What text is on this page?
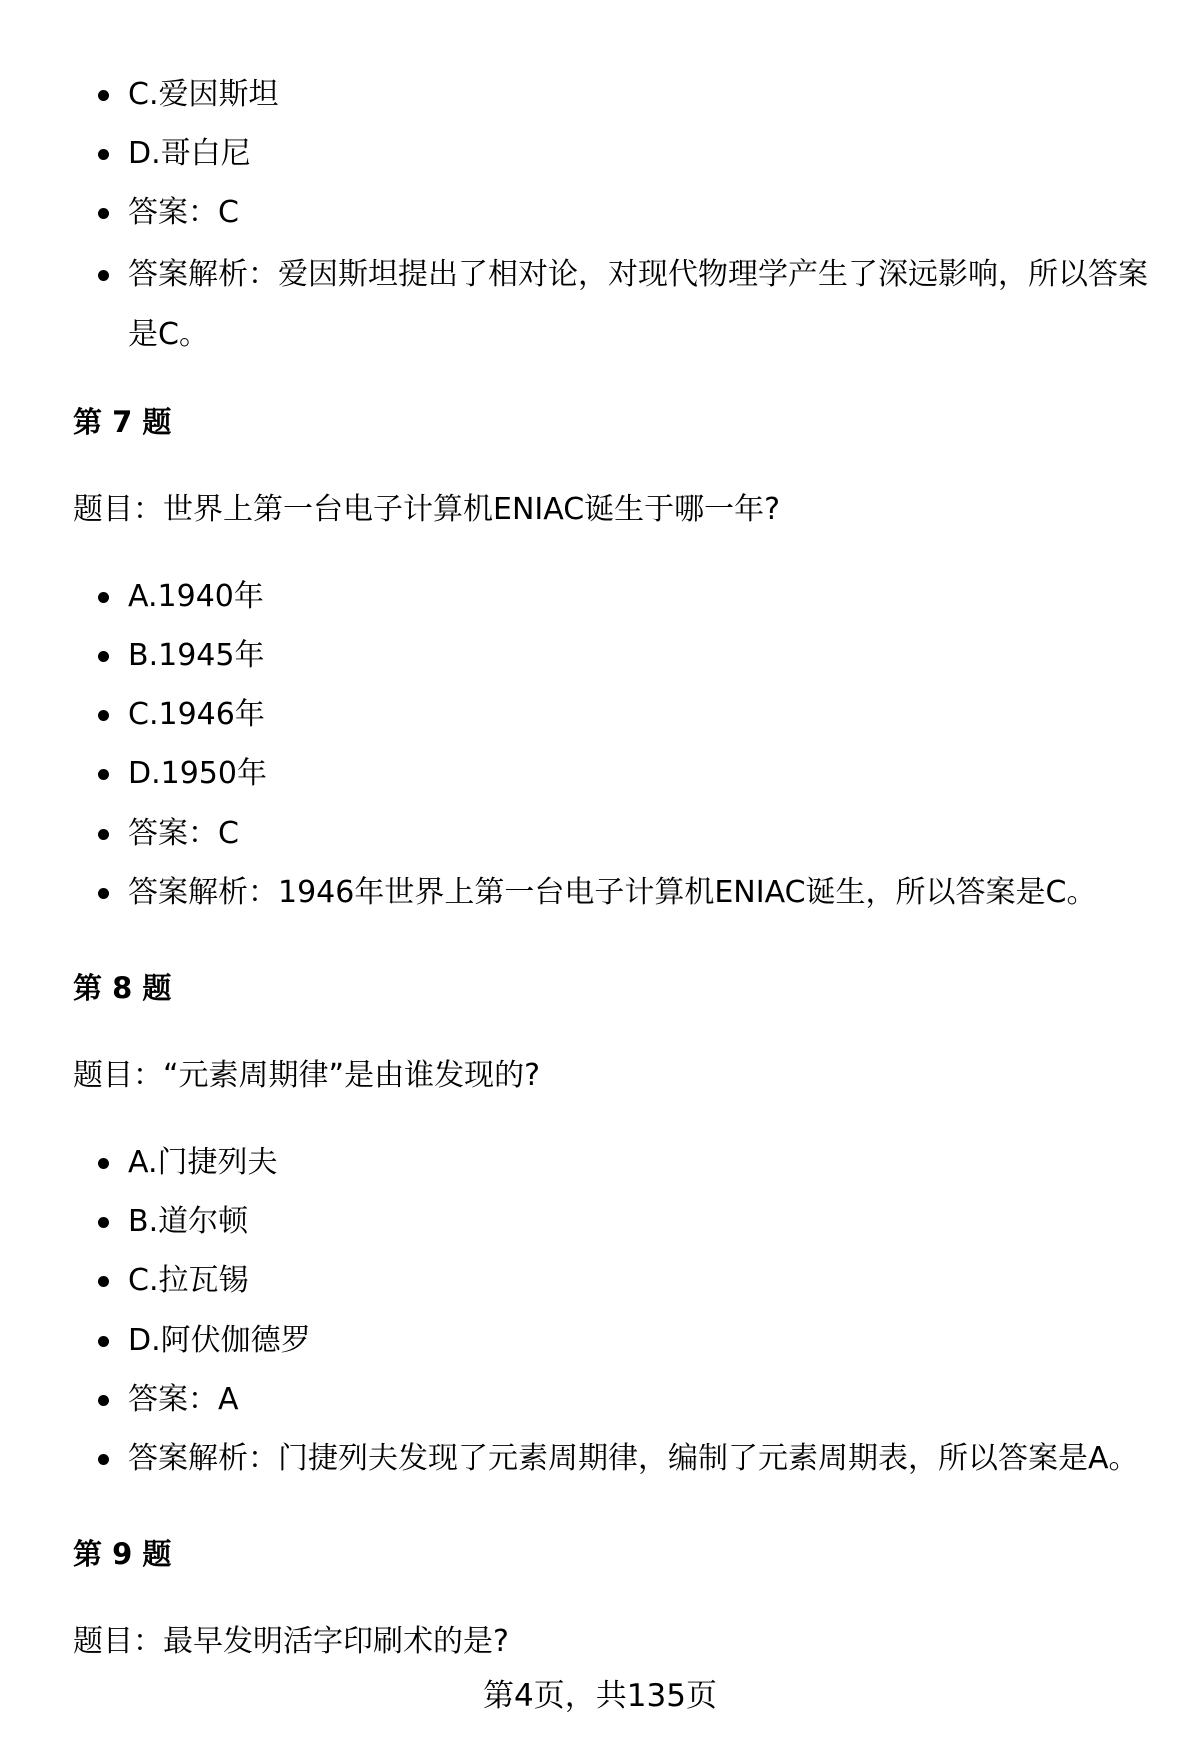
C.爱因斯坦
D.哥白尼
答案：C
答案解析：爱因斯坦提出了相对论，对现代物理学产生了深远影响，所以答案是C。
第 7 题
题目：世界上第一台电子计算机ENIAC诞生于哪一年?
A.1940年
B.1945年
C.1946年
D.1950年
答案：C
答案解析：1946年世界上第一台电子计算机ENIAC诞生，所以答案是C。
第 8 题
题目：“元素周期律”是由谁发现的?
A.门捷列夫
B.道尔顿
C.拉瓦锡
D.阿伏伽德罗
答案：A
答案解析：门捷列夫发现了元素周期律，编制了元素周期表，所以答案是A。
第 9 题
题目：最早发明活字印刷术的是?
第4页，共135页
